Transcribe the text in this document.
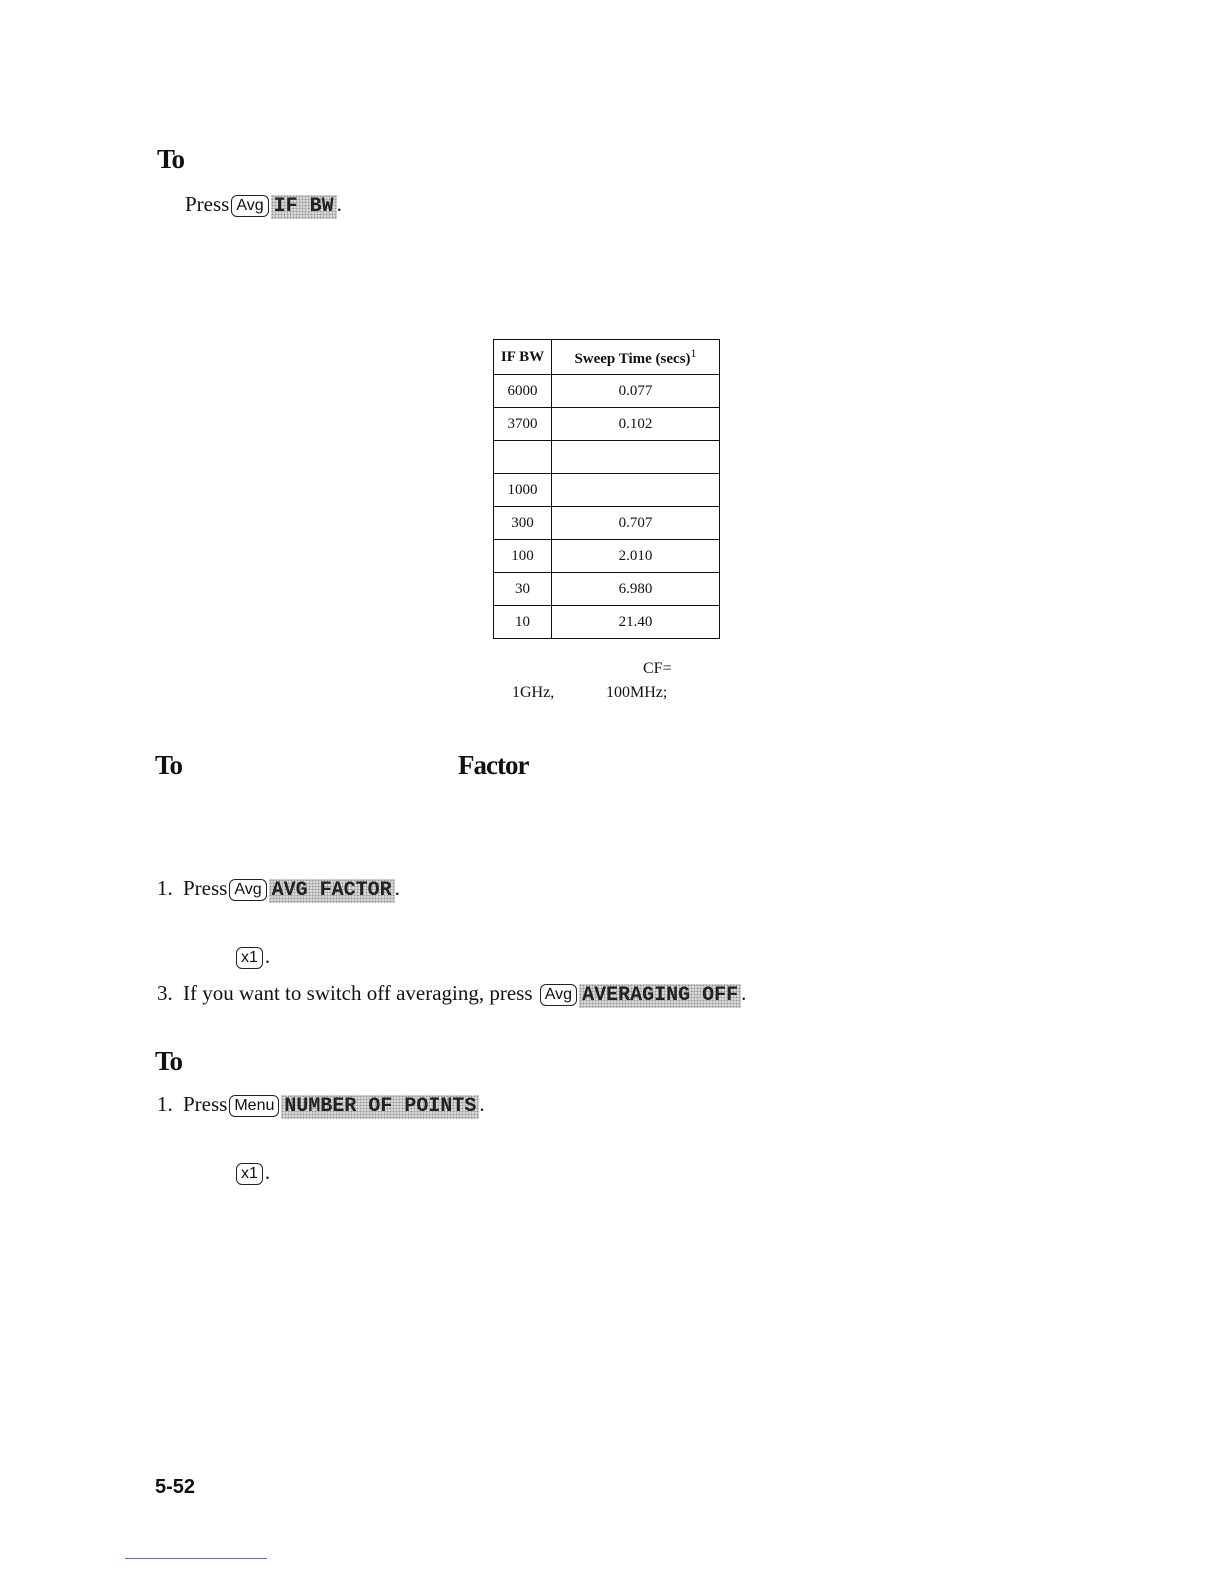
To
Press Avg IF BW .
IF BW	Sweep Time $(\sec s)^1$
6000	0.077
3700	0.102

1000	
300	0.707
100	2.010
30	6.980
10	21.40
CF=
1GHz,	100MHz;
To	Factor
1. Press Avg AVG FACTOR .
x1 .
3. If you want to switch off averaging, press Avg AVERAGING OFF .
To
1. Press Menu NUMBER OF POINTS .
x1 .
5-52
